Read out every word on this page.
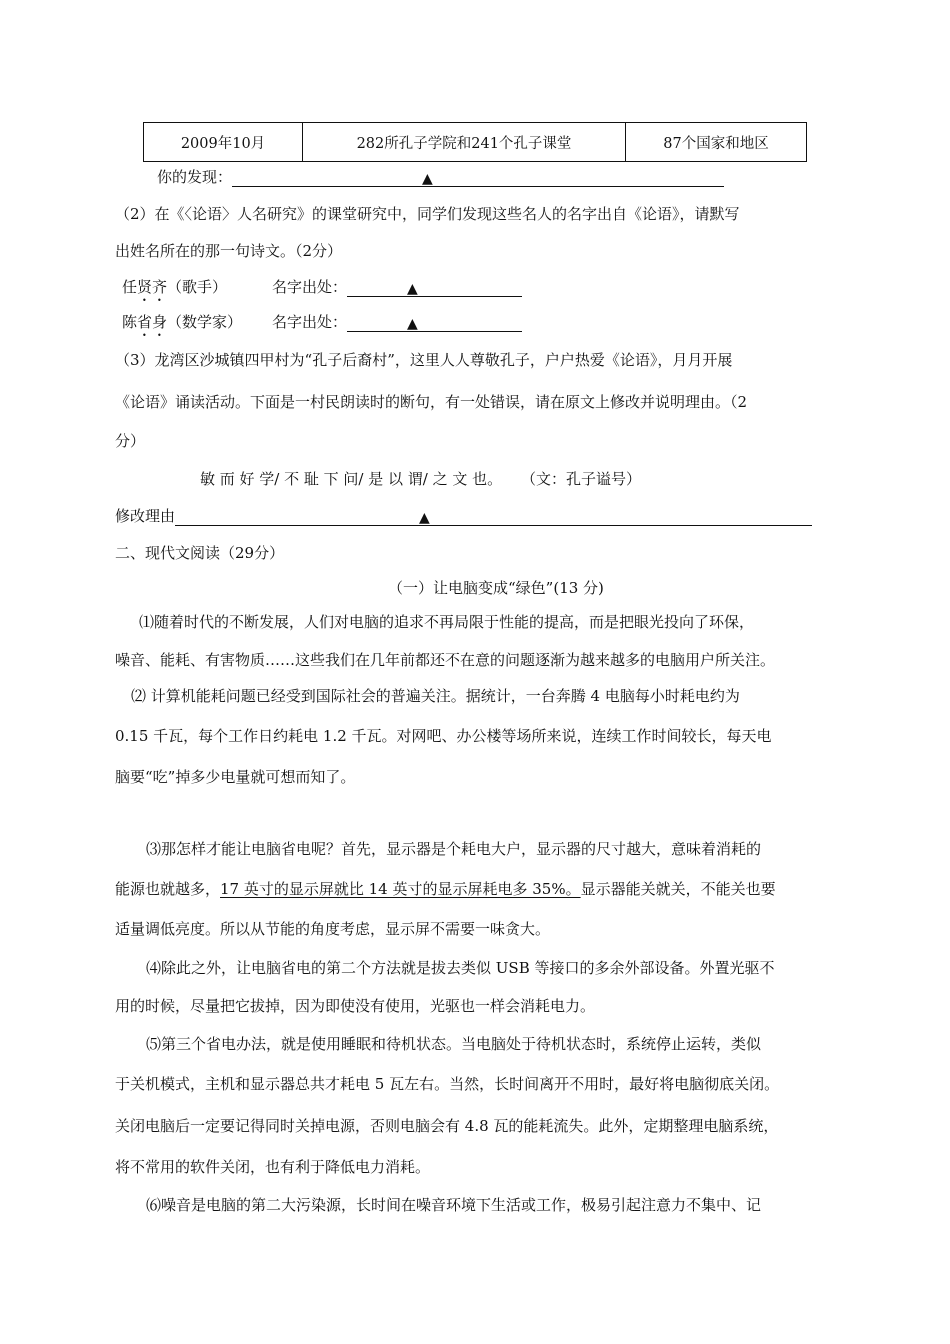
2009年10月	282所孔子学院和241个孔子课堂	87个国家和地区
你的发现：	▲
（2）在《〈论语〉人名研究》的课堂研究中，同学们发现这些名人的名字出自《论语》，请默写
出姓名所在的那一句诗文。（2分）
任贤齐（歌手）	名字出处：	▲
陈省身（数学家） 名字出处：	▲
（3）龙湾区沙城镇四甲村为“孔子后裔村”，这里人人尊敬孔子，户户热爱《论语》，月月开展
《论语》诵读活动。下面是一村民朗读时的断句，有一处错误，请在原文上修改并说明理由。（2
分）
敏 而 好 学/ 不 耻 下 问/ 是 以 谓/ 之 文 也。 （文：孔子谥号）
修改理由	▲
二、现代文阅读（29分）
（一）让电脑变成“绿色”(13 分)
⑴随着时代的不断发展，人们对电脑的追求不再局限于性能的提高，而是把眼光投向了环保，
噪音、能耗、有害物质……这些我们在几年前都还不在意的问题逐渐为越来越多的电脑用户所关注。
⑵ 计算机能耗问题已经受到国际社会的普遍关注。据统计，一台奔腾 4 电脑每小时耗电约为
0.15 千瓦，每个工作日约耗电 1.2 千瓦。对网吧、办公楼等场所来说，连续工作时间较长，每天电
脑要“吃”掉多少电量就可想而知了。
⑶那怎样才能让电脑省电呢？首先，显示器是个耗电大户，显示器的尺寸越大，意味着消耗的
能源也就越多，17 英寸的显示屏就比 14 英寸的显示屏耗电多 35%。显示器能关就关，不能关也要
适量调低亮度。所以从节能的角度考虑，显示屏不需要一味贪大。
⑷除此之外，让电脑省电的第二个方法就是拔去类似 USB 等接口的多余外部设备。外置光驱不
用的时候，尽量把它拔掉，因为即使没有使用，光驱也一样会消耗电力。
⑸第三个省电办法，就是使用睡眠和待机状态。当电脑处于待机状态时，系统停止运转，类似
于关机模式，主机和显示器总共才耗电 5 瓦左右。当然，长时间离开不用时，最好将电脑彻底关闭。
关闭电脑后一定要记得同时关掉电源，否则电脑会有 4.8 瓦的能耗流失。此外，定期整理电脑系统，
将不常用的软件关闭，也有利于降低电力消耗。
⑹噪音是电脑的第二大污染源，长时间在噪音环境下生活或工作，极易引起注意力不集中、记
